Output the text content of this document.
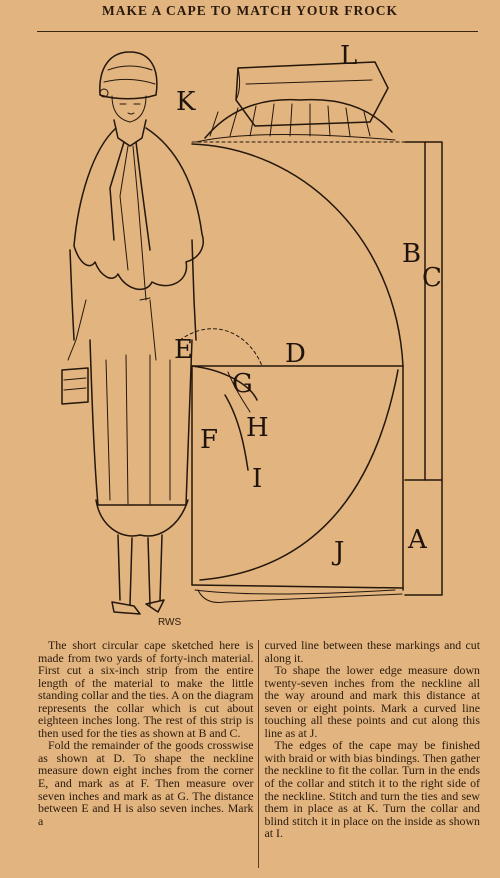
MAKE A CAPE TO MATCH YOUR FROCK
L
K
B
C
D
E
G
H
F
I
J A
RWS

The short circular cape sketched here is made from two yards of forty-inch material. First cut a six-inch strip from the entire length of the material to make the little standing collar and the ties. A on the diagram represents the collar which is cut about eighteen inches long. The rest of this strip is then used for the ties as shown at B and C.

Fold the remainder of the goods crosswise as shown at D. To shape the neckline measure down eight inches from the corner E, and mark as at F. Then measure over seven inches and mark as at G. The distance between E and H is also seven inches. Mark a

curved line between these markings and cut along it.

To shape the lower edge measure down twenty-seven inches from the neckline all the way around and mark this distance at seven or eight points. Mark a curved line touching all these points and cut along this line as at J.

The edges of the cape may be finished with braid or with bias bindings. Then gather the neckline to fit the collar. Turn in the ends of the collar and stitch it to the right side of the neckline. Stitch and turn the ties and sew them in place as at K. Turn the collar and blind stitch it in place on the inside as shown at I.
